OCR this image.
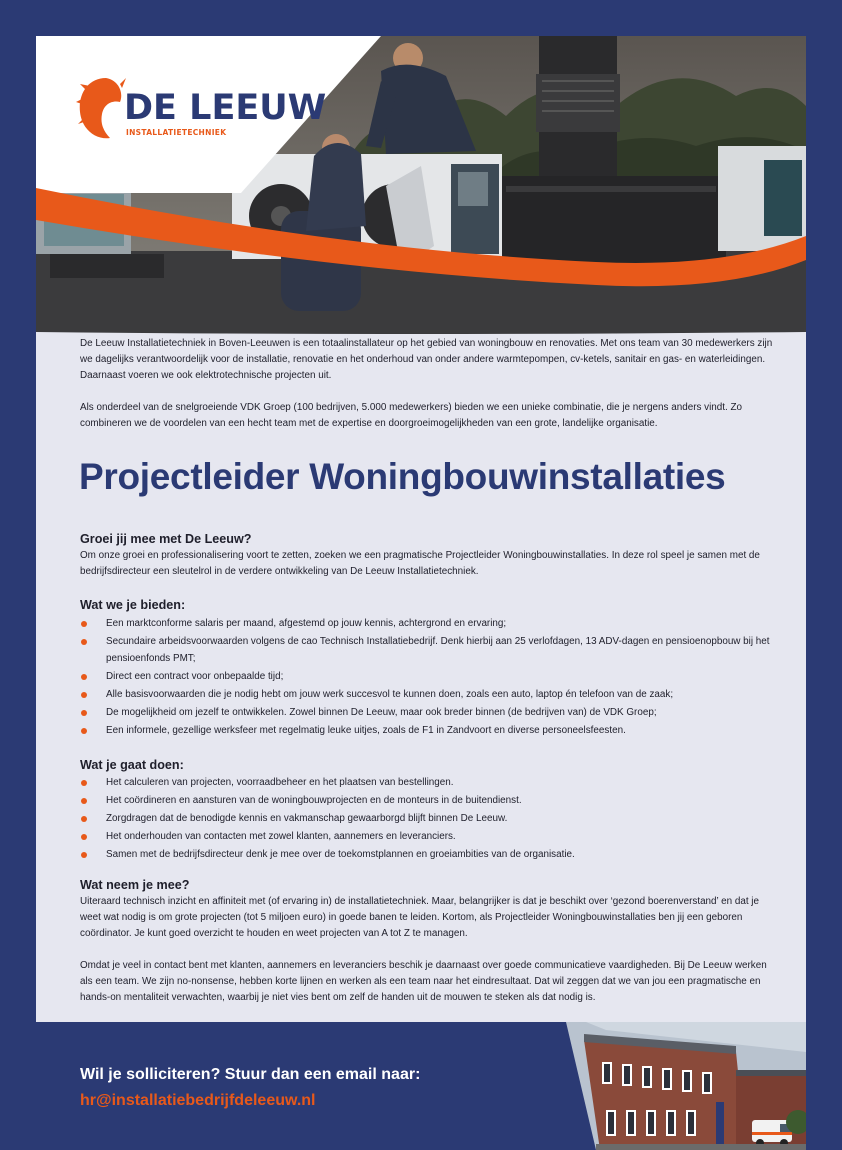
DE LEEUW
INSTALLATIETECHNIEK

De Leeuw Installatietechniek in Boven-Leeuwen is een totaalinstallateur op het gebied van woningbouw en renovaties. Met ons team van 30 medewerkers zijn we dagelijks verantwoordelijk voor de installatie, renovatie en het onderhoud van onder andere warmtepompen, cv-ketels, sanitair en gas- en waterleidingen. Daarnaast voeren we ook elektrotechnische projecten uit.

Als onderdeel van de snelgroeiende VDK Groep (100 bedrijven, 5.000 medewerkers) bieden we een unieke combinatie, die je nergens anders vindt. Zo combineren we de voordelen van een hecht team met de expertise en doorgroeimogelijkheden van een grote, landelijke organisatie.

Projectleider Woningbouwinstallaties
Groei jij mee met De Leeuw?

Om onze groei en professionalisering voort te zetten, zoeken we een pragmatische Projectleider Woningbouwinstallaties. In deze rol speel je samen met de bedrijfsdirecteur een sleutelrol in de verdere ontwikkeling van De Leeuw Installatietechniek.

Wat we je bieden:
Een marktconforme salaris per maand, afgestemd op jouw kennis, achtergrond en ervaring;
Secundaire arbeidsvoorwaarden volgens de cao Technisch Installatiebedrijf. Denk hierbij aan 25 verlofdagen, 13 ADV-dagen en pensioenopbouw bij het pensioenfonds PMT;
Direct een contract voor onbepaalde tijd;
Alle basisvoorwaarden die je nodig hebt om jouw werk succesvol te kunnen doen, zoals een auto, laptop én telefoon van de zaak;
De mogelijkheid om jezelf te ontwikkelen. Zowel binnen De Leeuw, maar ook breder binnen (de bedrijven van) de VDK Groep;
Een informele, gezellige werksfeer met regelmatig leuke uitjes, zoals de F1 in Zandvoort en diverse personeelsfeesten.
Wat je gaat doen:
Het calculeren van projecten, voorraadbeheer en het plaatsen van bestellingen.
Het coördineren en aansturen van de woningbouwprojecten en de monteurs in de buitendienst.
Zorgdragen dat de benodigde kennis en vakmanschap gewaarborgd blijft binnen De Leeuw.
Het onderhouden van contacten met zowel klanten, aannemers en leveranciers.
Samen met de bedrijfsdirecteur denk je mee over de toekomstplannen en groeiambities van de organisatie.
Wat neem je mee?

Uiteraard technisch inzicht en affiniteit met (of ervaring in) de installatietechniek. Maar, belangrijker is dat je beschikt over ‘gezond boerenverstand’ en dat je weet wat nodig is om grote projecten (tot 5 miljoen euro) in goede banen te leiden. Kortom, als Projectleider Woningbouwinstallaties ben jij een geboren coördinator. Je kunt goed overzicht te houden en weet projecten van A tot Z te managen.

Omdat je veel in contact bent met klanten, aannemers en leveranciers beschik je daarnaast over goede communicatieve vaardigheden. Bij De Leeuw werken als een team. We zijn no-nonsense, hebben korte lijnen en werken als een team naar het eindresultaat. Dat wil zeggen dat we van jou een pragmatische en hands-on mentaliteit verwachten, waarbij je niet vies bent om zelf de handen uit de mouwen te steken als dat nodig is.

Wil je solliciteren? Stuur dan een email naar:

hr@installatiebedrijfdeleeuw.nl
